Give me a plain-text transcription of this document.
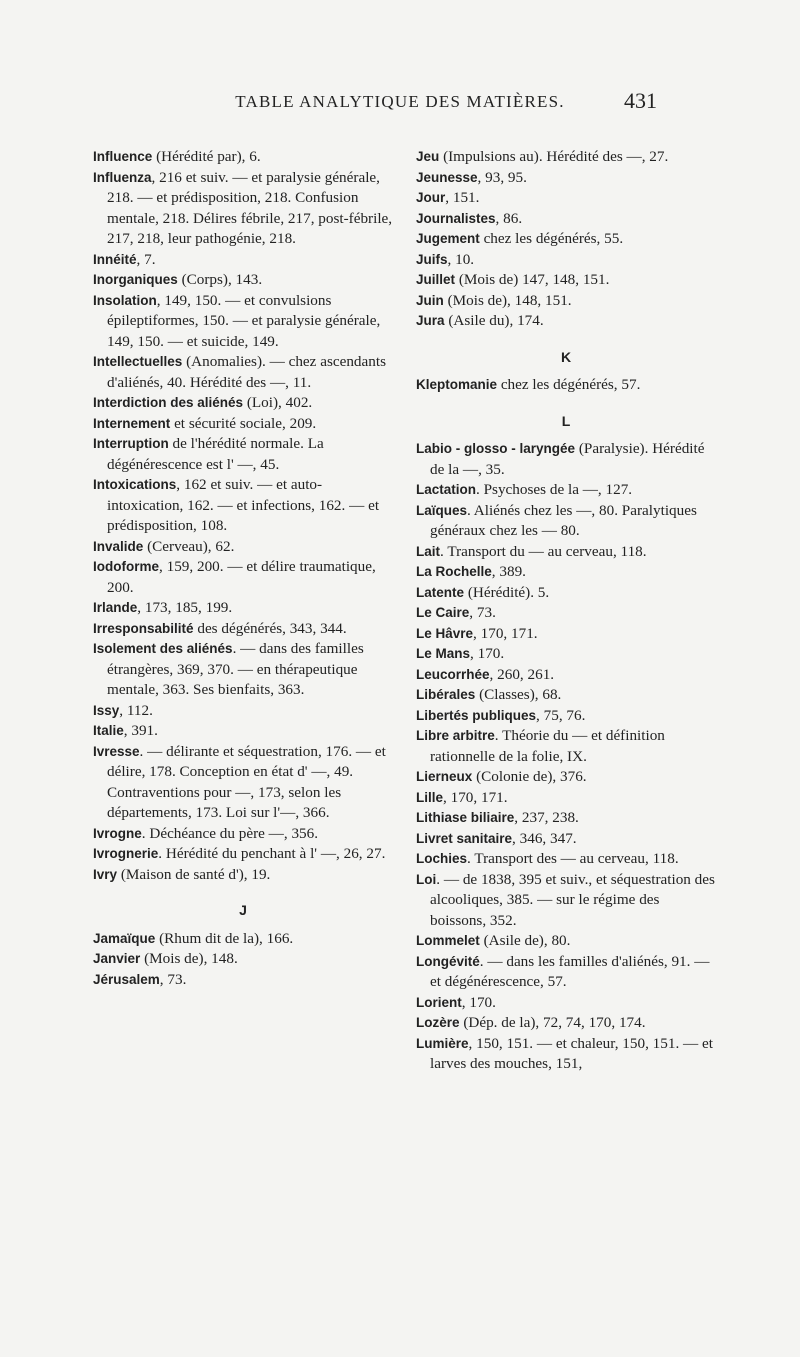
TABLE ANALYTIQUE DES MATIÈRES.	431

Influence (Hérédité par), 6.

Influenza, 216 et suiv. — et paralysie générale, 218. — et prédisposition, 218. Confusion mentale, 218. Délires fébrile, 217, post-fébrile, 217, 218, leur pathogénie, 218.

Innéité, 7.

Inorganiques (Corps), 143.

Insolation, 149, 150. — et convulsions épileptiformes, 150. — et paralysie générale, 149, 150. — et suicide, 149.

Intellectuelles (Anomalies). — chez ascendants d'aliénés, 40. Hérédité des —, 11.

Interdiction des aliénés (Loi), 402.

Internement et sécurité sociale, 209.

Interruption de l'hérédité normale. La dégénérescence est l' —, 45.

Intoxications, 162 et suiv. — et auto-intoxication, 162. — et infections, 162. — et prédisposition, 108.

Invalide (Cerveau), 62.

Iodoforme, 159, 200. — et délire traumatique, 200.

Irlande, 173, 185, 199.

Irresponsabilité des dégénérés, 343, 344.

Isolement des aliénés. — dans des familles étrangères, 369, 370. — en thérapeutique mentale, 363. Ses bienfaits, 363.

Issy, 112.

Italie, 391.

Ivresse. — délirante et séquestration, 176. — et délire, 178. Conception en état d' —, 49. Contraventions pour —, 173, selon les départements, 173. Loi sur l'—, 366.

Ivrogne. Déchéance du père —, 356.

Ivrognerie. Hérédité du penchant à l' —, 26, 27.

Ivry (Maison de santé d'), 19.

J

Jamaïque (Rhum dit de la), 166.

Janvier (Mois de), 148.

Jérusalem, 73.

Jeu (Impulsions au). Hérédité des —, 27.

Jeunesse, 93, 95.

Jour, 151.

Journalistes, 86.

Jugement chez les dégénérés, 55.

Juifs, 10.

Juillet (Mois de) 147, 148, 151.

Juin (Mois de), 148, 151.

Jura (Asile du), 174.

K

Kleptomanie chez les dégénérés, 57.

L

Labio - glosso - laryngée (Paralysie). Hérédité de la —, 35.

Lactation. Psychoses de la —, 127.

Laïques. Aliénés chez les —, 80. Paralytiques généraux chez les — 80.

Lait. Transport du — au cerveau, 118.

La Rochelle, 389.

Latente (Hérédité). 5.

Le Caire, 73.

Le Hâvre, 170, 171.

Le Mans, 170.

Leucorrhée, 260, 261.

Libérales (Classes), 68.

Libertés publiques, 75, 76.

Libre arbitre. Théorie du — et définition rationnelle de la folie, IX.

Lierneux (Colonie de), 376.

Lille, 170, 171.

Lithiase biliaire, 237, 238.

Livret sanitaire, 346, 347.

Lochies. Transport des — au cerveau, 118.

Loi. — de 1838, 395 et suiv., et séquestration des alcooliques, 385. — sur le régime des boissons, 352.

Lommelet (Asile de), 80.

Longévité. — dans les familles d'aliénés, 91. — et dégénérescence, 57.

Lorient, 170.

Lozère (Dép. de la), 72, 74, 170, 174.

Lumière, 150, 151. — et chaleur, 150, 151. — et larves des mouches, 151,
